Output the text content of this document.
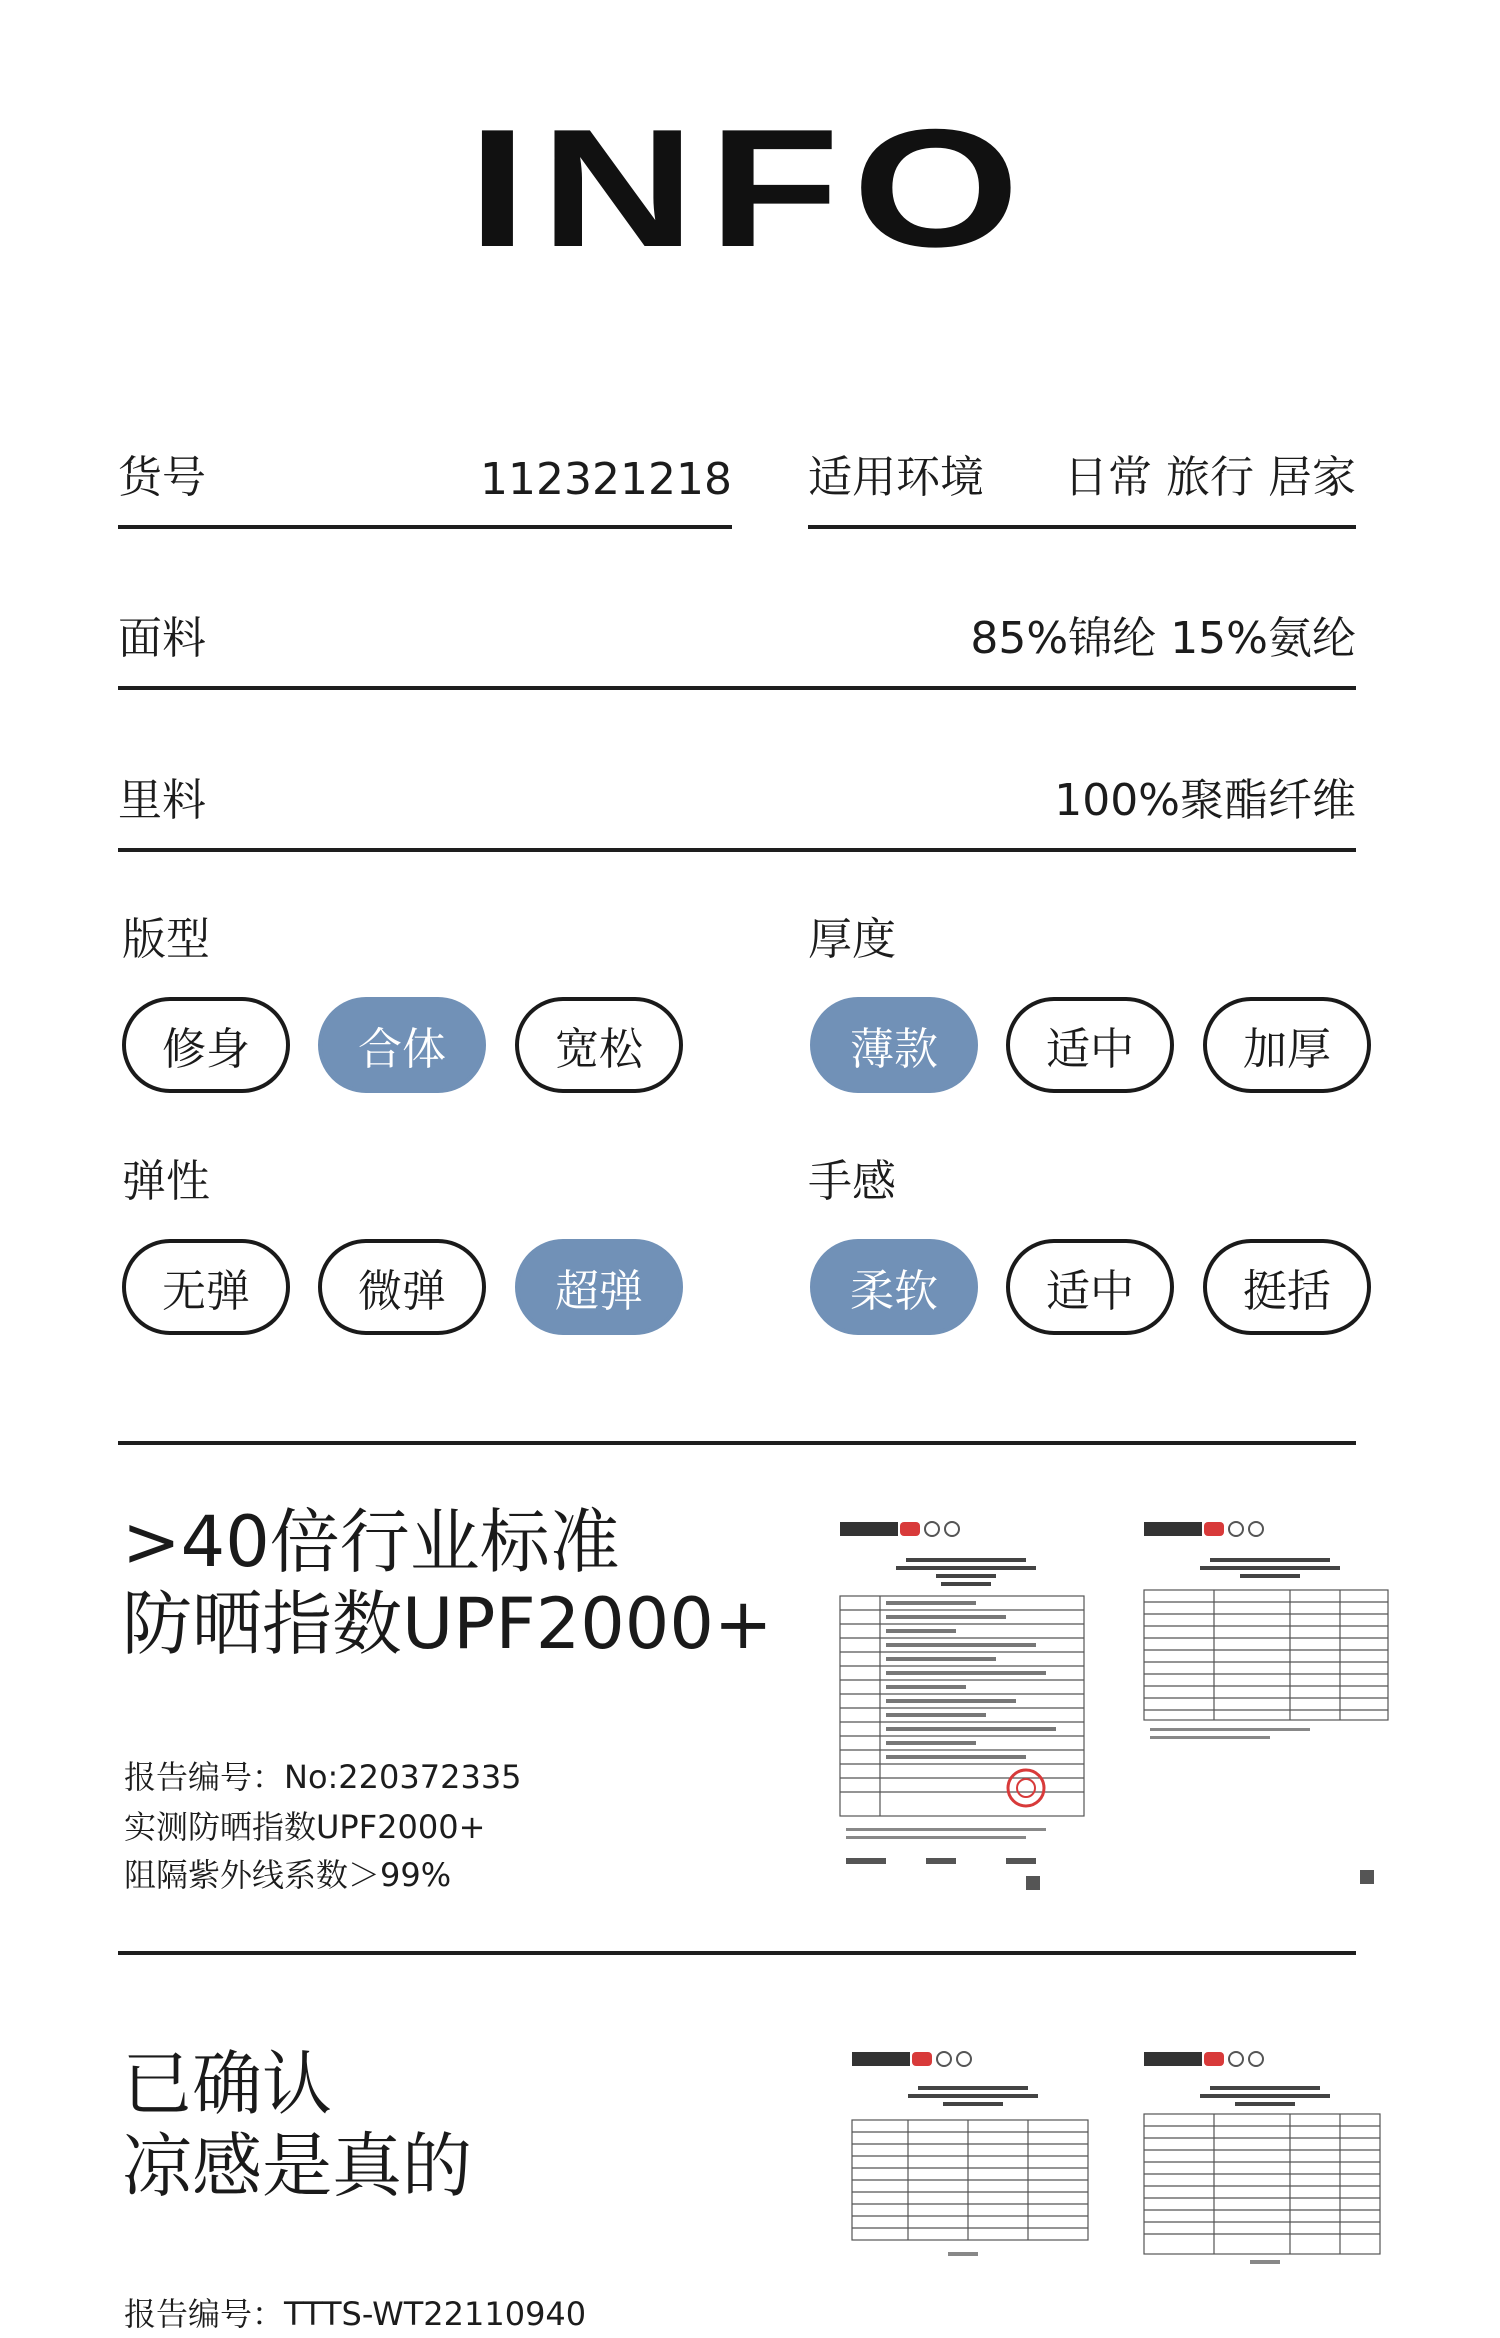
INFO
货号	112321218 适用环境 日常 旅行 居家
面料	85%锦纶 15%氨纶
里料	100%聚酯纤维
版型	厚度
弹性	手感
修身	合体	宽松	薄款	适中	加厚
无弹	微弹	超弹	柔软	适中	挺括
>40倍行业标准
防晒指数UPF2000+
报告编号：No:220372335
实测防晒指数UPF2000+
阻隔紫外线系数＞99%
已确认
凉感是真的
报告编号：TTTS-WT22110940
